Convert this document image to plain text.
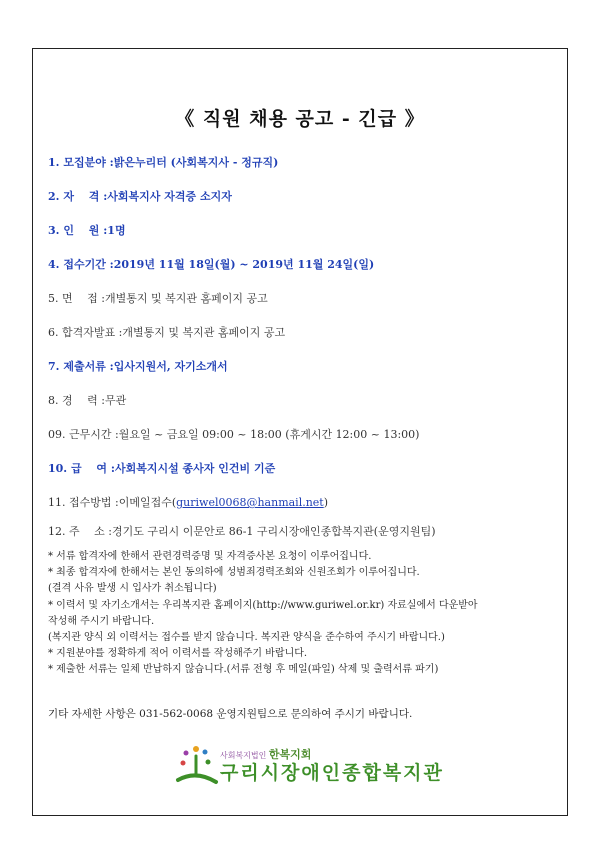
《 직원 채용 공고 - 긴급 》
1. 모집분야 :밝은누리터 (사회복지사 - 정규직)
2. 자　 격 :사회복지사 자격증 소지자
3. 인　 원 :1명
4. 접수기간 :2019년 11월 18일(월) ~ 2019년 11월 24일(일)
5. 면　 접 :개별통지 및 복지관 홈페이지 공고
6. 합격자발표 :개별통지 및 복지관 홈페이지 공고
7. 제출서류 :입사지원서, 자기소개서
8. 경　 력 :무관
09. 근무시간 :월요일 ~ 금요일 09:00 ~ 18:00 (휴게시간 12:00 ~ 13:00)
10. 급　 여 :사회복지시설 종사자 인건비 기준
11. 접수방법 :이메일접수(guriwel0068@hanmail.net)
12. 주　 소 :경기도 구리시 이문안로 86-1 구리시장애인종합복지관(운영지원팀)
* 서류 합격자에 한해서 관련경력증명 및 자격증사본 요청이 이루어집니다.
* 최종 합격자에 한해서는 본인 동의하에 성범죄경력조회와 신원조회가 이루어집니다.
(결격 사유 발생 시 입사가 취소됩니다)
* 이력서 및 자기소개서는 우리복지관 홈페이지(http://www.guriwel.or.kr) 자료실에서 다운받아
작성해 주시기 바랍니다.
(복지관 양식 외 이력서는 접수를 받지 않습니다. 복지관 양식을 준수하여 주시기 바랍니다.)
* 지원분야를 정확하게 적어 이력서를 작성해주기 바랍니다.
* 제출한 서류는 일체 반납하지 않습니다.(서류 전형 후 메일(파일) 삭제 및 출력서류 파기)
기타 자세한 사항은 031-562-0068 운영지원팀으로 문의하여 주시기 바랍니다.
사회복지법인 한복지회
구리시장애인종합복지관
